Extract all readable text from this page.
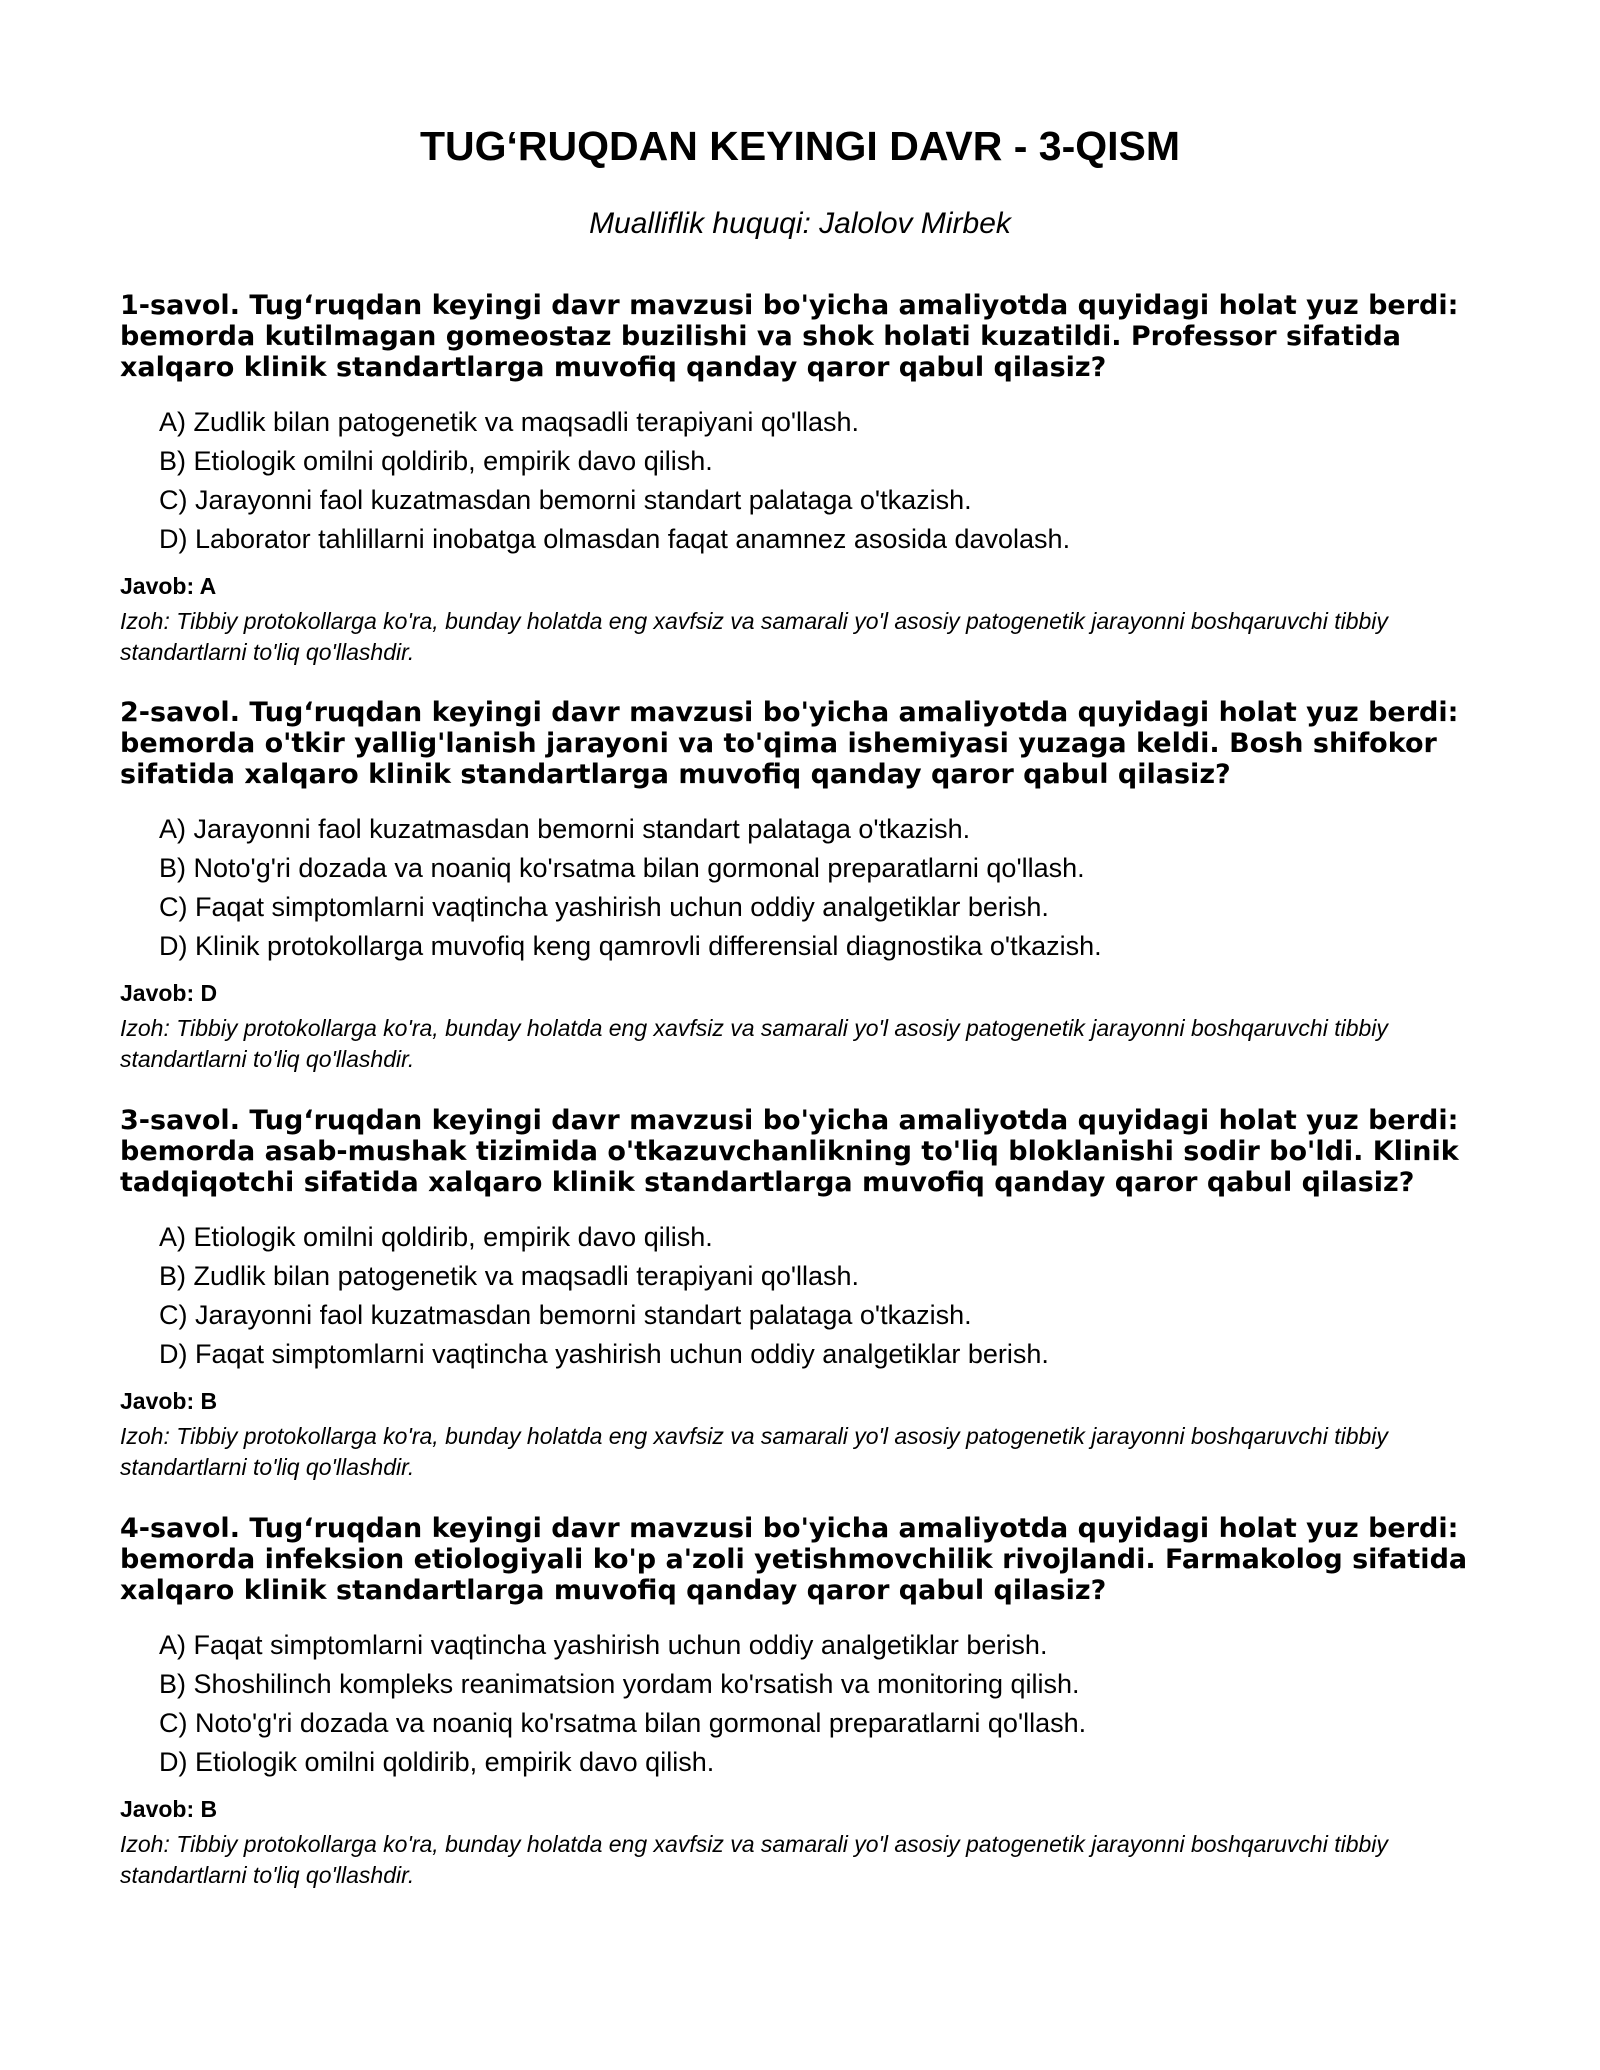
TUG‘RUQDAN KEYINGI DAVR - 3-QISM
Mualliflik huquqi: Jalolov Mirbek

1-savol. Tug‘ruqdan keyingi davr mavzusi bo'yicha amaliyotda quyidagi holat yuz berdi: bemorda kutilmagan gomeostaz buzilishi va shok holati kuzatildi. Professor sifatida xalqaro klinik standartlarga muvofiq qanday qaror qabul qilasiz?

A) Zudlik bilan patogenetik va maqsadli terapiyani qo'llash.
B) Etiologik omilni qoldirib, empirik davo qilish.
C) Jarayonni faol kuzatmasdan bemorni standart palataga o'tkazish.
D) Laborator tahlillarni inobatga olmasdan faqat anamnez asosida davolash.
Javob: A
Izoh: Tibbiy protokollarga ko'ra, bunday holatda eng xavfsiz va samarali yo'l asosiy patogenetik jarayonni boshqaruvchi tibbiy standartlarni to'liq qo'llashdir.

2-savol. Tug‘ruqdan keyingi davr mavzusi bo'yicha amaliyotda quyidagi holat yuz berdi: bemorda o'tkir yallig'lanish jarayoni va to'qima ishemiyasi yuzaga keldi. Bosh shifokor sifatida xalqaro klinik standartlarga muvofiq qanday qaror qabul qilasiz?

A) Jarayonni faol kuzatmasdan bemorni standart palataga o'tkazish.
B) Noto'g'ri dozada va noaniq ko'rsatma bilan gormonal preparatlarni qo'llash.
C) Faqat simptomlarni vaqtincha yashirish uchun oddiy analgetiklar berish.
D) Klinik protokollarga muvofiq keng qamrovli differensial diagnostika o'tkazish.
Javob: D
Izoh: Tibbiy protokollarga ko'ra, bunday holatda eng xavfsiz va samarali yo'l asosiy patogenetik jarayonni boshqaruvchi tibbiy standartlarni to'liq qo'llashdir.

3-savol. Tug‘ruqdan keyingi davr mavzusi bo'yicha amaliyotda quyidagi holat yuz berdi: bemorda asab-mushak tizimida o'tkazuvchanlikning to'liq bloklanishi sodir bo'ldi. Klinik tadqiqotchi sifatida xalqaro klinik standartlarga muvofiq qanday qaror qabul qilasiz?

A) Etiologik omilni qoldirib, empirik davo qilish.
B) Zudlik bilan patogenetik va maqsadli terapiyani qo'llash.
C) Jarayonni faol kuzatmasdan bemorni standart palataga o'tkazish.
D) Faqat simptomlarni vaqtincha yashirish uchun oddiy analgetiklar berish.
Javob: B
Izoh: Tibbiy protokollarga ko'ra, bunday holatda eng xavfsiz va samarali yo'l asosiy patogenetik jarayonni boshqaruvchi tibbiy standartlarni to'liq qo'llashdir.

4-savol. Tug‘ruqdan keyingi davr mavzusi bo'yicha amaliyotda quyidagi holat yuz berdi: bemorda infeksion etiologiyali ko'p a'zoli yetishmovchilik rivojlandi. Farmakolog sifatida xalqaro klinik standartlarga muvofiq qanday qaror qabul qilasiz?

A) Faqat simptomlarni vaqtincha yashirish uchun oddiy analgetiklar berish.
B) Shoshilinch kompleks reanimatsion yordam ko'rsatish va monitoring qilish.
C) Noto'g'ri dozada va noaniq ko'rsatma bilan gormonal preparatlarni qo'llash.
D) Etiologik omilni qoldirib, empirik davo qilish.
Javob: B
Izoh: Tibbiy protokollarga ko'ra, bunday holatda eng xavfsiz va samarali yo'l asosiy patogenetik jarayonni boshqaruvchi tibbiy standartlarni to'liq qo'llashdir.
